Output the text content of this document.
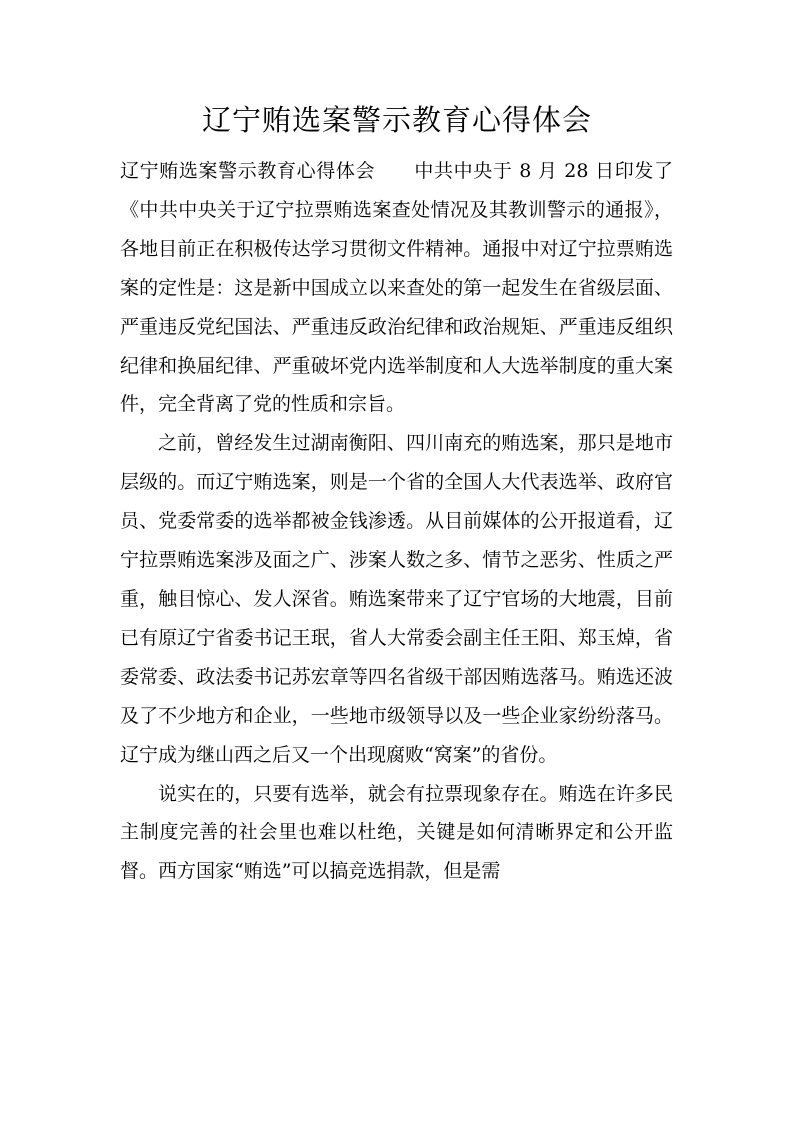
辽宁贿选案警示教育心得体会

辽宁贿选案警示教育心得体会　　中共中央于 8 月 28 日印发了《中共中央关于辽宁拉票贿选案查处情况及其教训警示的通报》，各地目前正在积极传达学习贯彻文件精神。通报中对辽宁拉票贿选案的定性是：这是新中国成立以来查处的第一起发生在省级层面、严重违反党纪国法、严重违反政治纪律和政治规矩、严重违反组织纪律和换届纪律、严重破坏党内选举制度和人大选举制度的重大案件，完全背离了党的性质和宗旨。

之前，曾经发生过湖南衡阳、四川南充的贿选案，那只是地市层级的。而辽宁贿选案，则是一个省的全国人大代表选举、政府官员、党委常委的选举都被金钱渗透。从目前媒体的公开报道看，辽宁拉票贿选案涉及面之广、涉案人数之多、情节之恶劣、性质之严重，触目惊心、发人深省。贿选案带来了辽宁官场的大地震，目前已有原辽宁省委书记王珉，省人大常委会副主任王阳、郑玉焯，省委常委、政法委书记苏宏章等四名省级干部因贿选落马。贿选还波及了不少地方和企业，一些地市级领导以及一些企业家纷纷落马。辽宁成为继山西之后又一个出现腐败“窝案”的省份。

说实在的，只要有选举，就会有拉票现象存在。贿选在许多民主制度完善的社会里也难以杜绝，关键是如何清晰界定和公开监督。西方国家“贿选”可以搞竞选捐款，但是需
